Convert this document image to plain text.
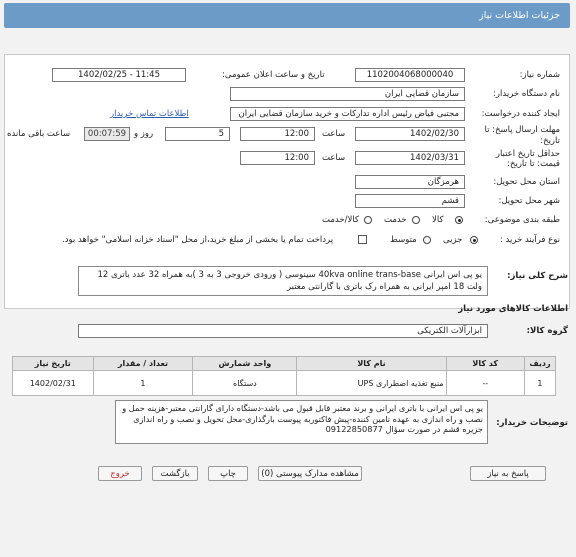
جزئیات اطلاعات نیاز
شماره نیاز:
1102004068000040
تاریخ و ساعت اعلان عمومی:
1402/02/25 - 11:45
نام دستگاه خریدار:
سازمان قضایی ایران
ایجاد کننده درخواست:
مجتبی فیاض رئیس اداره تدارکات و خرید سازمان قضایی ایران
اطلاعات تماس خریدار
مهلت ارسال پاسخ: تا
تاریخ:
1402/02/30
ساعت
12:00
5
روز و
00:07:59
ساعت باقی مانده
حداقل تاریخ اعتبار
قیمت: تا تاریخ:
1402/03/31
ساعت
12:00
استان محل تحویل:
هرمزگان
شهر محل تحویل:
قشم
طبقه بندی موضوعی:
کالا
خدمت
کالا/خدمت
نوع فرآیند خرید :
جزیی
متوسط
پرداخت تمام یا بخشی از مبلغ خرید،از محل "اسناد خزانه اسلامی" خواهد بود.
شرح کلی نیاز:
یو پی اس ایرانی 40kva online trans-base سینوسی ( ورودی خروجی 3 به 3 )به همراه 32 عدد باتری 12 ولت 18 امپر ایرانی به همراه رک باتری با گارانتی معتبر
اطلاعات کالاهای مورد نیاز
گروه کالا:
ابزارآلات الکتریکی
ردیف	کد کالا	نام کالا	واحد شمارش	تعداد / مقدار	تاریخ نیاز
1	--	منبع تغذیه اضطراری UPS	دستگاه	1	1402/02/31
توضیحات خریدار:
یو پی اس ایرانی با باتری ایرانی و برند معتبر قابل قبول می باشد-دستگاه دارای گارانتی معتبر-هزینه حمل و نصب و راه اندازی به عهده تامین کننده-پیش فاکتوربه پیوست بارگذاری-محل تحویل و نصب و راه اندازی جزیره قشم در صورت سؤال 09122850877
پاسخ به نیاز
مشاهده مدارک پیوستی (0)
چاپ
بازگشت
خروج
